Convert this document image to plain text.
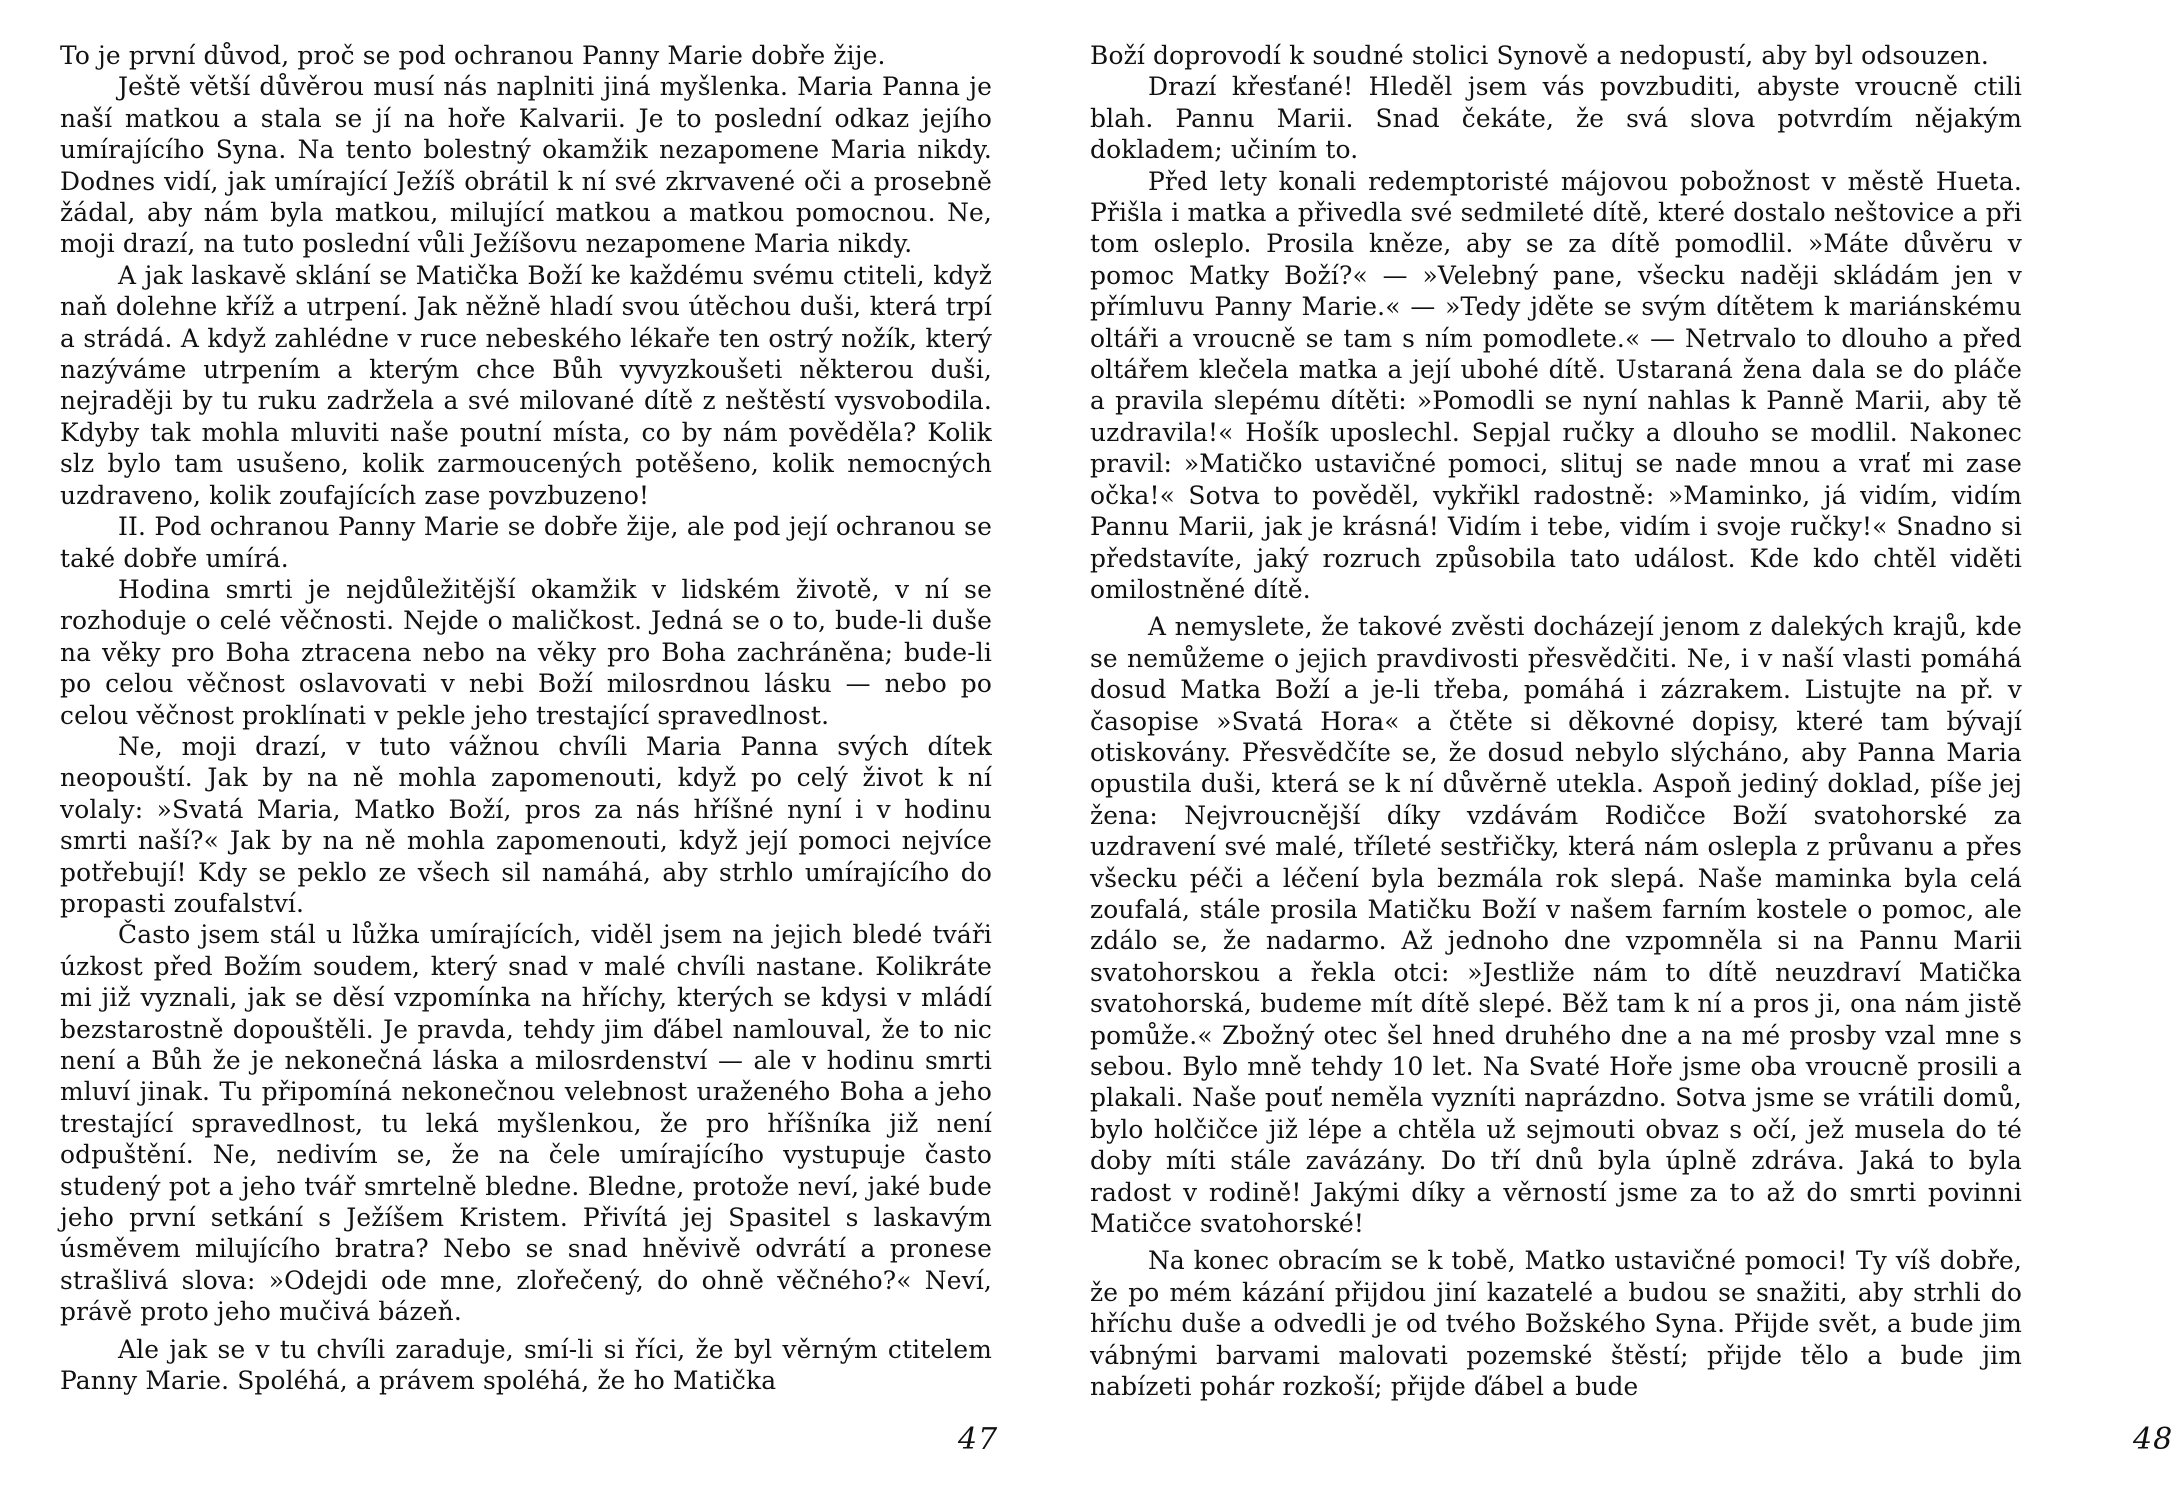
To je první důvod, proč se pod ochranou Panny Marie dobře žije.

Ještě větší důvěrou musí nás naplniti jiná myšlenka. Maria Panna je naší matkou a stala se jí na hoře Kalvarii. Je to poslední odkaz jejího umírajícího Syna. Na tento bolestný okamžik nezapomene Maria nikdy. Dodnes vidí, jak umírající Ježíš obrátil k ní své zkrvavené oči a prosebně žádal, aby nám byla matkou, milující matkou a matkou pomocnou. Ne, moji drazí, na tuto poslední vůli Ježíšovu nezapomene Maria nikdy.

A jak laskavě sklání se Matička Boží ke každému svému ctiteli, když naň dolehne kříž a utrpení. Jak něžně hladí svou útěchou duši, která trpí a strádá. A když zahlédne v ruce nebeského lékaře ten ostrý nožík, který nazýváme utrpením a kterým chce Bůh vyvyzkoušeti některou duši, nejraději by tu ruku zadržela a své milované dítě z neštěstí vysvobodila. Kdyby tak mohla mluviti naše poutní místa, co by nám pověděla? Kolik slz bylo tam usušeno, kolik zarmoucených potěšeno, kolik nemocných uzdraveno, kolik zoufajících zase povzbuzeno!

II. Pod ochranou Panny Marie se dobře žije, ale pod její ochranou se také dobře umírá.

Hodina smrti je nejdůležitější okamžik v lidském životě, v ní se rozhoduje o celé věčnosti. Nejde o maličkost. Jedná se o to, bude-li duše na věky pro Boha ztracena nebo na věky pro Boha zachráněna; bude-li po celou věčnost oslavovati v nebi Boží milosrdnou lásku — nebo po celou věčnost proklínati v pekle jeho trestající spravedlnost.

Ne, moji drazí, v tuto vážnou chvíli Maria Panna svých dítek neopouští. Jak by na ně mohla zapomenouti, když po celý život k ní volaly: »Svatá Maria, Matko Boží, pros za nás hříšné nyní i v hodinu smrti naší?« Jak by na ně mohla zapomenouti, když její pomoci nejvíce potřebují! Kdy se peklo ze všech sil namáhá, aby strhlo umírajícího do propasti zoufalství.

Často jsem stál u lůžka umírajících, viděl jsem na jejich bledé tváři úzkost před Božím soudem, který snad v malé chvíli nastane. Kolikráte mi již vyznali, jak se děsí vzpomínka na hříchy, kterých se kdysi v mládí bezstarostně dopouštěli. Je pravda, tehdy jim ďábel namlouval, že to nic není a Bůh že je nekonečná láska a milosrdenství — ale v hodinu smrti mluví jinak. Tu připomíná nekonečnou velebnost uraženého Boha a jeho trestající spravedlnost, tu leká myšlenkou, že pro hříšníka již není odpuštění. Ne, nedivím se, že na čele umírajícího vystupuje často studený pot a jeho tvář smrtelně bledne. Bledne, protože neví, jaké bude jeho první setkání s Ježíšem Kristem. Přivítá jej Spasitel s laskavým úsměvem milujícího bratra? Nebo se snad hněvivě odvrátí a pronese strašlivá slova: »Odejdi ode mne, zlořečený, do ohně věčného?« Neví, právě proto jeho mučivá bázeň.

Ale jak se v tu chvíli zaraduje, smí-li si říci, že byl věrným ctitelem Panny Marie. Spoléhá, a právem spoléhá, že ho Matička

47

Boží doprovodí k soudné stolici Synově a nedopustí, aby byl odsouzen.

Drazí křesťané! Hleděl jsem vás povzbuditi, abyste vroucně ctili blah. Pannu Marii. Snad čekáte, že svá slova potvrdím nějakým dokladem; učiním to.

Před lety konali redemptoristé májovou pobožnost v městě Hueta. Přišla i matka a přivedla své sedmileté dítě, které dostalo neštovice a při tom osleplo. Prosila kněze, aby se za dítě pomodlil. »Máte důvěru v pomoc Matky Boží?« — »Velebný pane, všecku naději skládám jen v přímluvu Panny Marie.« — »Tedy jděte se svým dítětem k mariánskému oltáři a vroucně se tam s ním pomodlete.« — Netrvalo to dlouho a před oltářem klečela matka a její ubohé dítě. Ustaraná žena dala se do pláče a pravila slepému dítěti: »Pomodli se nyní nahlas k Panně Marii, aby tě uzdravila!« Hošík uposlechl. Sepjal ručky a dlouho se modlil. Nakonec pravil: »Matičko ustavičné pomoci, slituj se nade mnou a vrať mi zase očka!« Sotva to pověděl, vykřikl radostně: »Maminko, já vidím, vidím Pannu Marii, jak je krásná! Vidím i tebe, vidím i svoje ručky!« Snadno si představíte, jaký rozruch způsobila tato událost. Kde kdo chtěl viděti omilostněné dítě.

A nemyslete, že takové zvěsti docházejí jenom z dalekých krajů, kde se nemůžeme o jejich pravdivosti přesvědčiti. Ne, i v naší vlasti pomáhá dosud Matka Boží a je-li třeba, pomáhá i zázrakem. Listujte na př. v časopise »Svatá Hora« a čtěte si děkovné dopisy, které tam bývají otiskovány. Přesvědčíte se, že dosud nebylo slýcháno, aby Panna Maria opustila duši, která se k ní důvěrně utekla. Aspoň jediný doklad, píše jej žena: Nejvroucnější díky vzdávám Rodičce Boží svatohorské za uzdravení své malé, tříleté sestřičky, která nám oslepla z průvanu a přes všecku péči a léčení byla bezmála rok slepá. Naše maminka byla celá zoufalá, stále prosila Matičku Boží v našem farním kostele o pomoc, ale zdálo se, že nadarmo. Až jednoho dne vzpomněla si na Pannu Marii svatohorskou a řekla otci: »Jestliže nám to dítě neuzdraví Matička svatohorská, budeme mít dítě slepé. Běž tam k ní a pros ji, ona nám jistě pomůže.« Zbožný otec šel hned druhého dne a na mé prosby vzal mne s sebou. Bylo mně tehdy 10 let. Na Svaté Hoře jsme oba vroucně prosili a plakali. Naše pouť neměla vyzníti naprázdno. Sotva jsme se vrátili domů, bylo holčičce již lépe a chtěla už sejmouti obvaz s očí, jež musela do té doby míti stále zavázány. Do tří dnů byla úplně zdráva. Jaká to byla radost v rodině! Jakými díky a věrností jsme za to až do smrti povinni Matičce svatohorské!

Na konec obracím se k tobě, Matko ustavičné pomoci! Ty víš dobře, že po mém kázání přijdou jiní kazatelé a budou se snažiti, aby strhli do hříchu duše a odvedli je od tvého Božského Syna. Přijde svět, a bude jim vábnými barvami malovati pozemské štěstí; přijde tělo a bude jim nabízeti pohár rozkoší; přijde ďábel a bude

48
